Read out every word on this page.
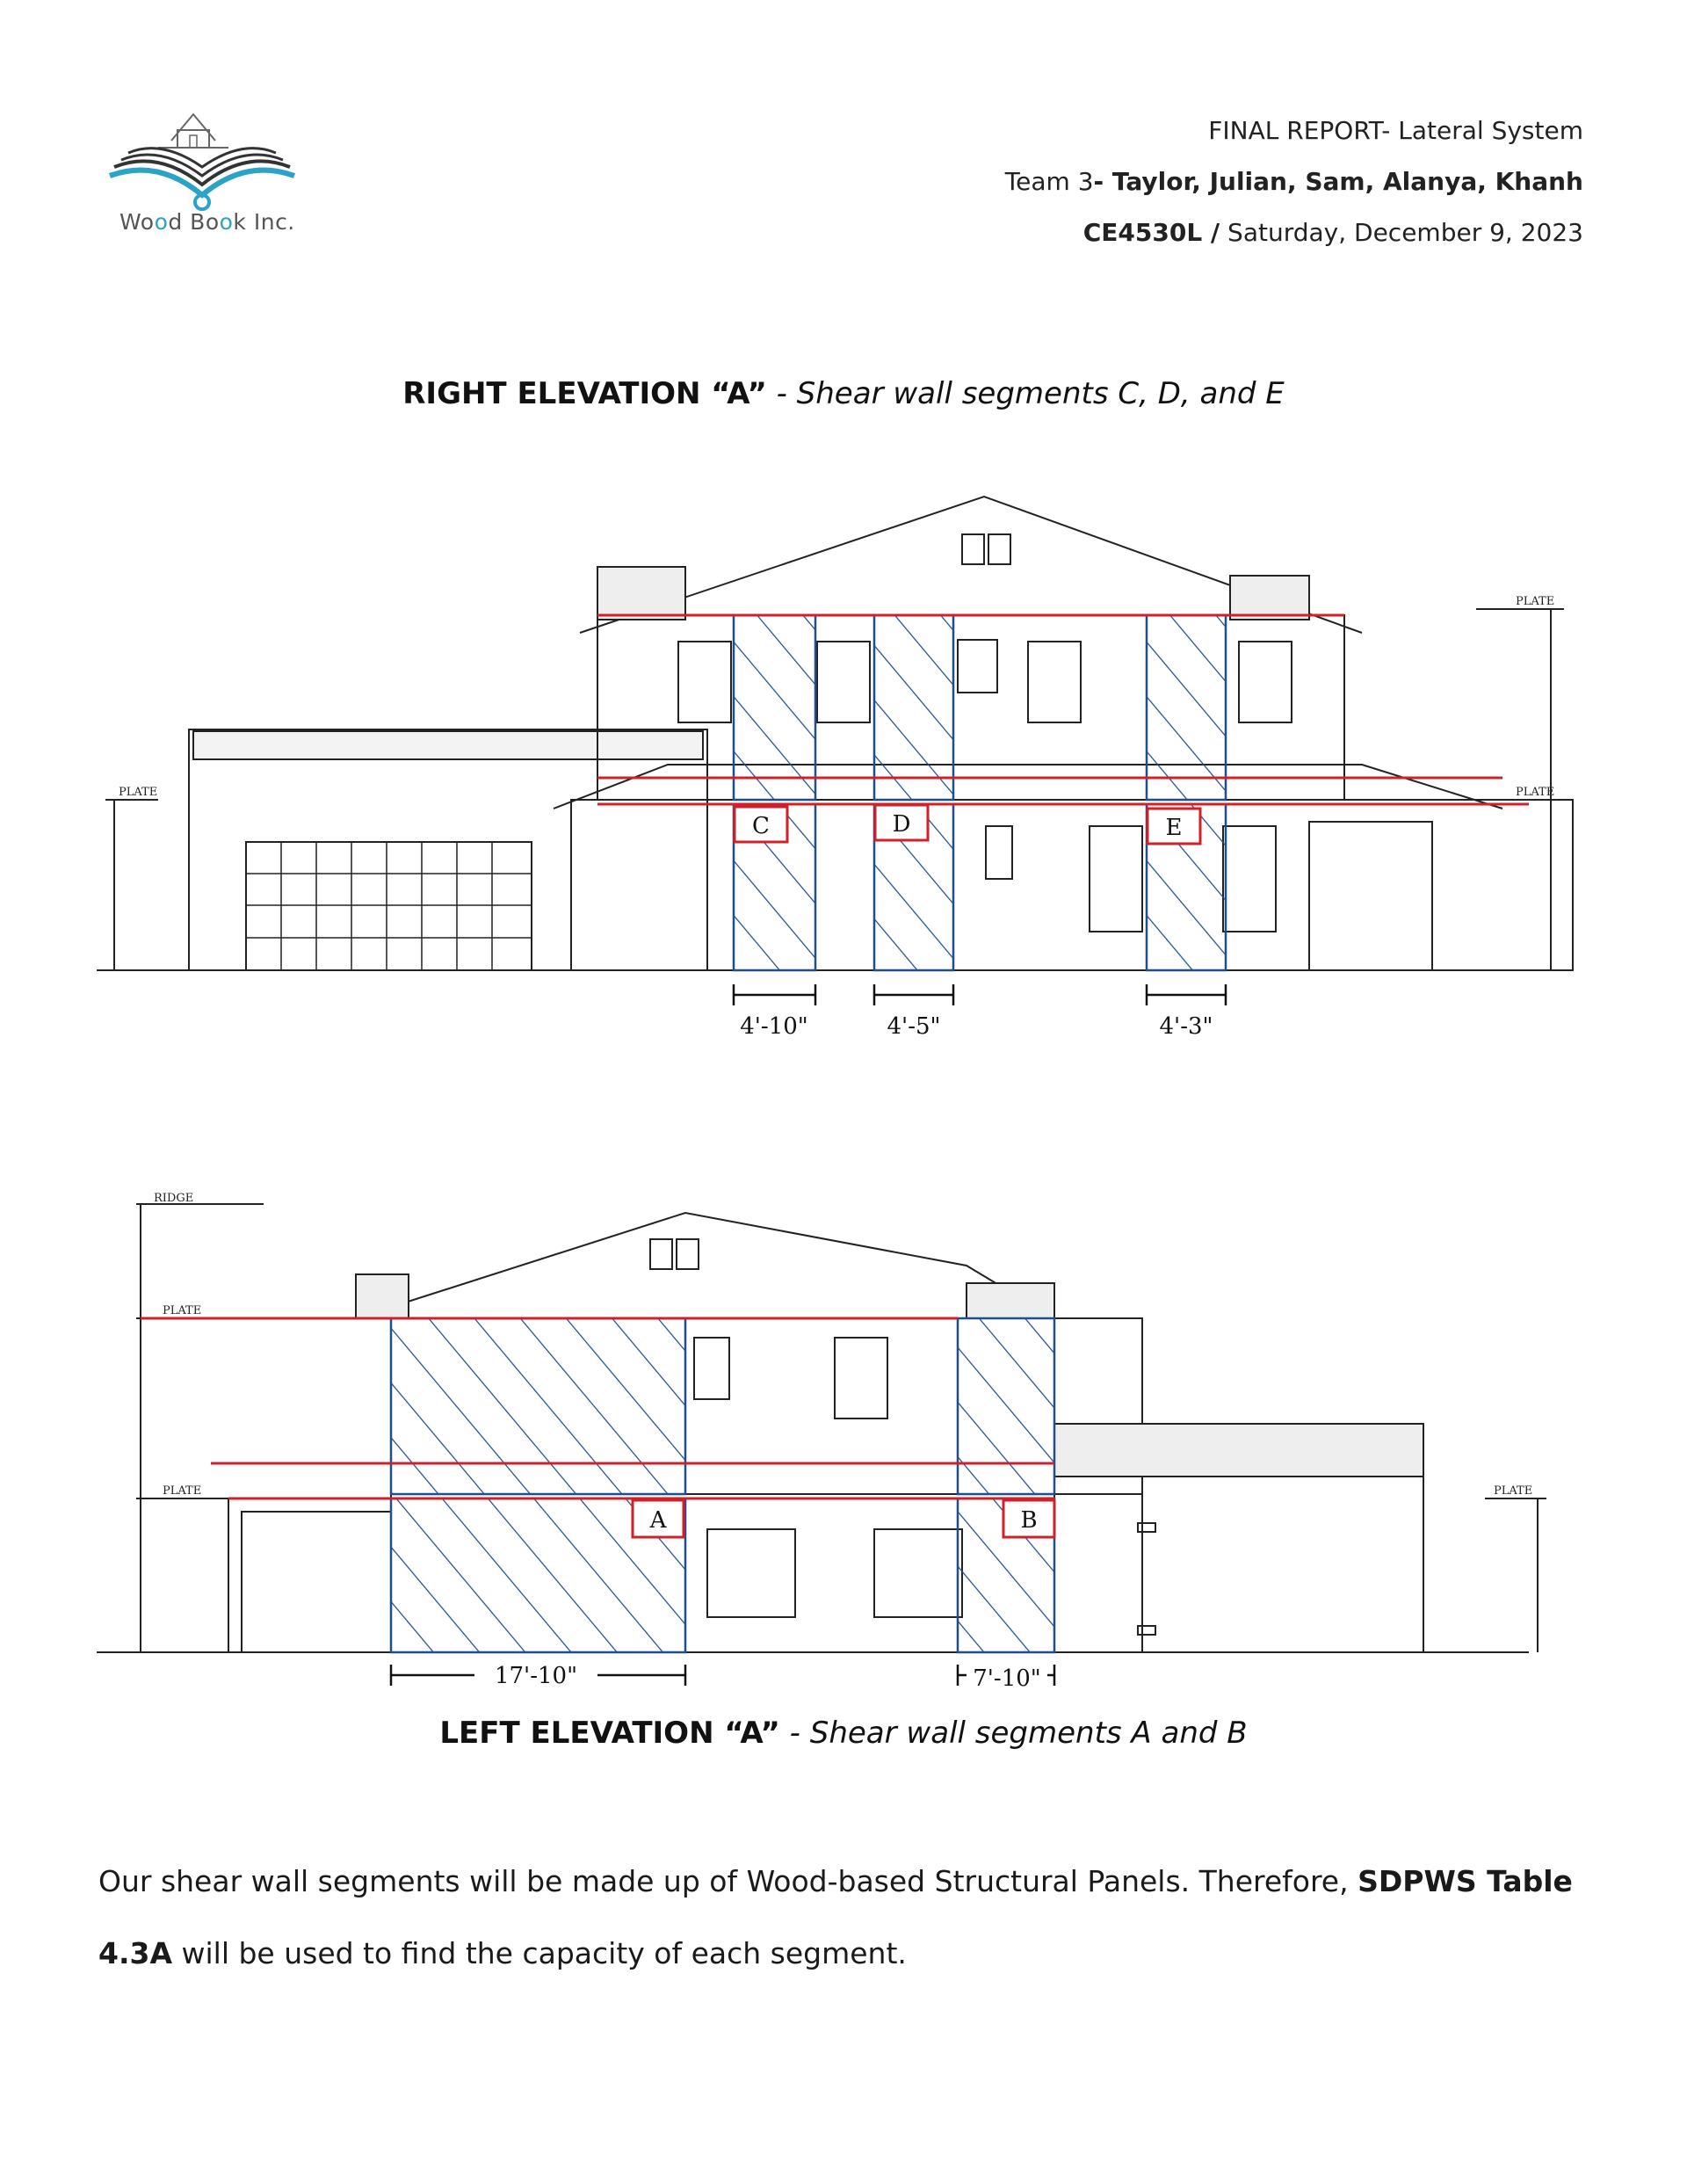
Wood Book Inc.
FINAL REPORT- Lateral System
Team 3- Taylor, Julian, Sam, Alanya, Khanh
CE4530L / Saturday, December 9, 2023
RIGHT ELEVATION “A” - Shear wall segments C, D, and E
PLATE
PLATE
PLATE
C	D	E
4'-10"	4'-5"	4'-3"
RIDGE
PLATE
PLATE	PLATE
A	B
17'-10"	7'-10"
LEFT ELEVATION “A” - Shear wall segments A and B
Our shear wall segments will be made up of Wood-based Structural Panels. Therefore, SDPWS Table 4.3A will be used to find the capacity of each segment.
